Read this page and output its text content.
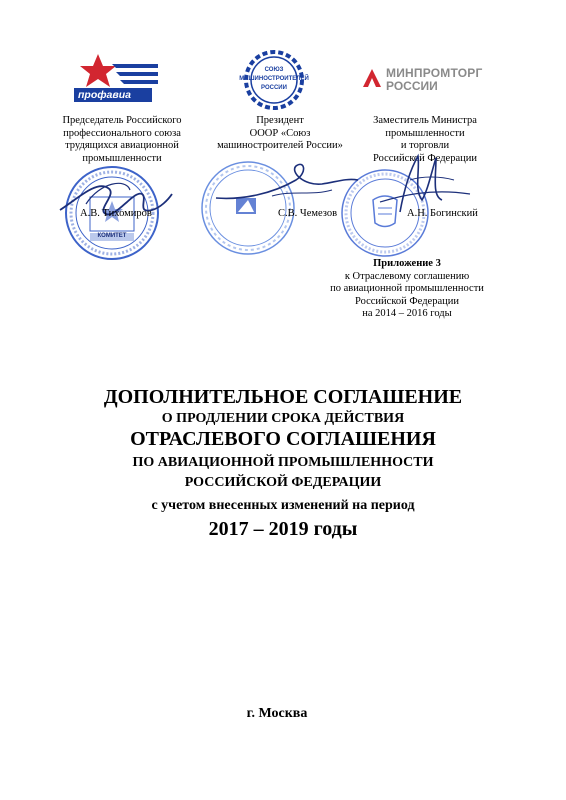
профавиа
СОЮЗ
МАШИНОСТРОИТЕЛЕЙ
РОССИИ
МИНПРОМТОРГ
РОССИИ
Председатель Российского
профессионального союза
трудящихся авиационной
промышленности
Президент
ОООР «Союз
машиностроителей России»
Заместитель Министра
промышленности
и торговли
Российской Федерации
КОМИТЕТ
А.В. Тихомиров	С.В. Чемезов	А.Н. Богинский
Приложение 3
к Отраслевому соглашению
по авиационной промышленности
Российской Федерации
на 2014 – 2016 годы
ДОПОЛНИТЕЛЬНОЕ СОГЛАШЕНИЕ
О ПРОДЛЕНИИ СРОКА ДЕЙСТВИЯ
ОТРАСЛЕВОГО СОГЛАШЕНИЯ
ПО АВИАЦИОННОЙ ПРОМЫШЛЕННОСТИ
РОССИЙСКОЙ ФЕДЕРАЦИИ
с учетом внесенных изменений на период
2017 – 2019 годы
г. Москва
